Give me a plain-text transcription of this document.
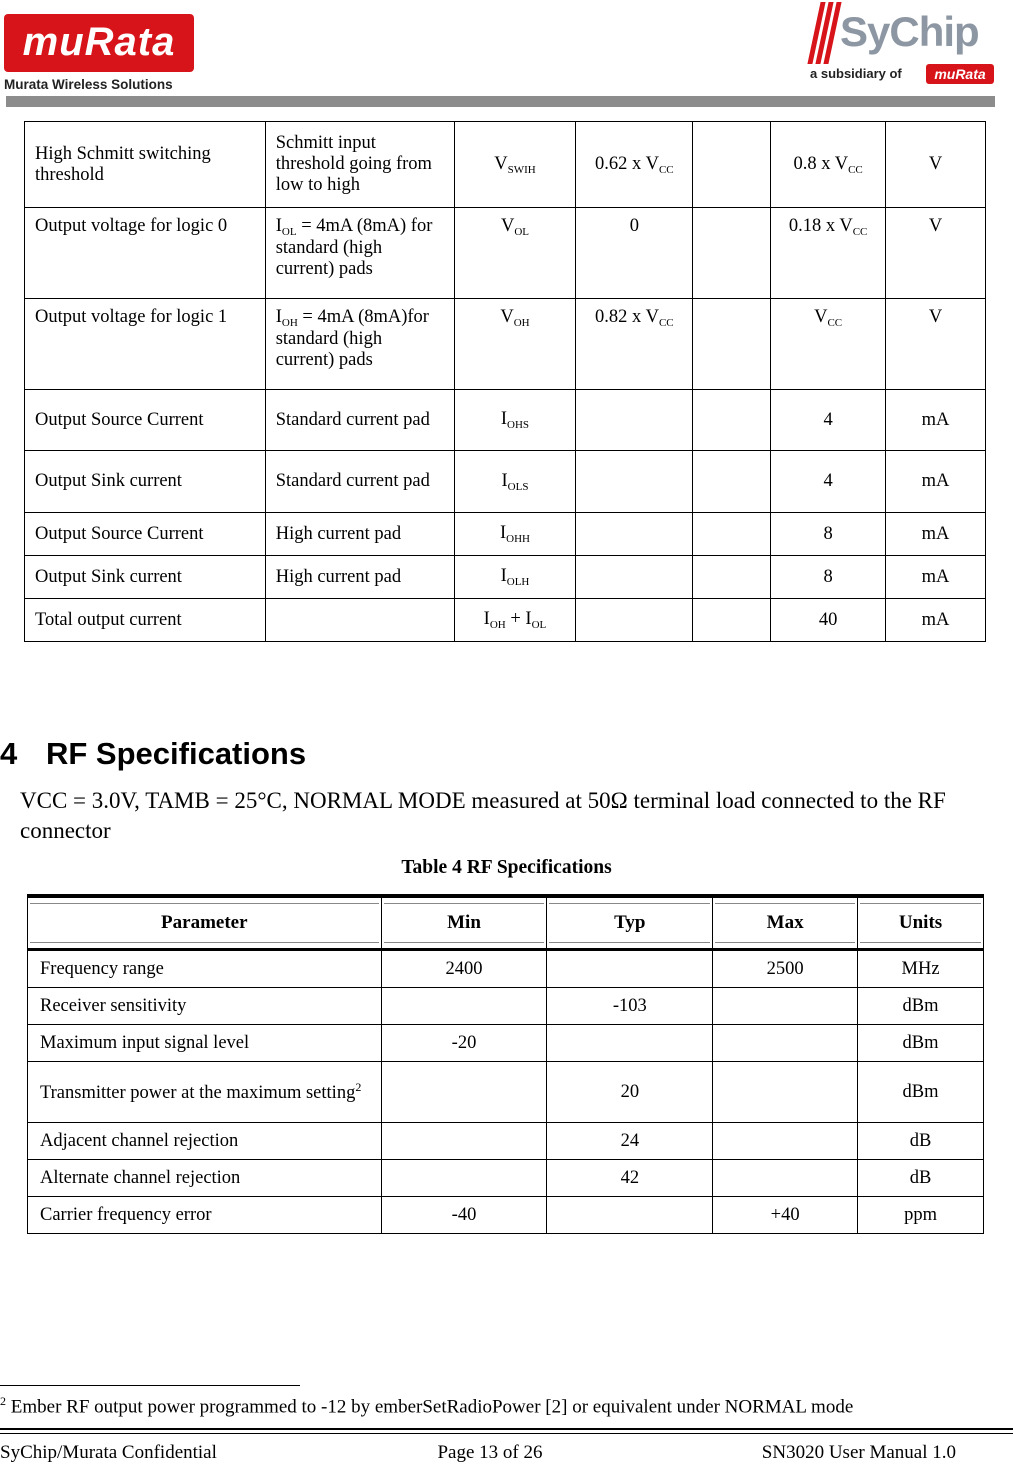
muRata
Murata Wireless Solutions
SyChip
a subsidiary of	muRata
High Schmitt switching threshold	Schmitt input threshold going from low to high	$V_{SWIH}$	0.62 x $V_{CC}$		0.8 x $V_{CC}$	V
Output voltage for logic 0	$I_{OL} = 4mA$ (8mA) for standard (high current) pads	$V_{OL}$	0		0.18 x $V_{CC}$	V
Output voltage for logic 1	$I_{OH} = 4mA$ (8mA)for standard (high current) pads	$V_{OH}$	0.82 x $V_{CC}$		$V_{CC}$	V
Output Source Current	Standard current pad	$I_{OHS}$			4	mA
Output Sink current	Standard current pad	$I_{OLS}$			4	mA
Output Source Current	High current pad	$I_{OHH}$			8	mA
Output Sink current	High current pad	$I_{OLH}$			8	mA
Total output current		$I_{OH} + I_{OL}$			40	mA
4 RF Specifications
VCC = 3.0V, TAMB = 25°C, NORMAL MODE measured at 50Ω terminal load connected to the RF connector
Table 4 RF Specifications
Parameter	Min	Typ	Max	Units

Frequency range	2400		2500	MHz
Receiver sensitivity		-103		dBm
Maximum input signal level	-20			dBm
Transmitter power at the maximum setting$^2$		20		dBm
Adjacent channel rejection		24		dB
Alternate channel rejection		42		dB
Carrier frequency error	-40		+40	ppm
$^2$ Ember RF output power programmed to -12 by emberSetRadioPower [2] or equivalent under NORMAL mode
SyChip/Murata Confidential	Page 13 of 26	SN3020 User Manual 1.0
